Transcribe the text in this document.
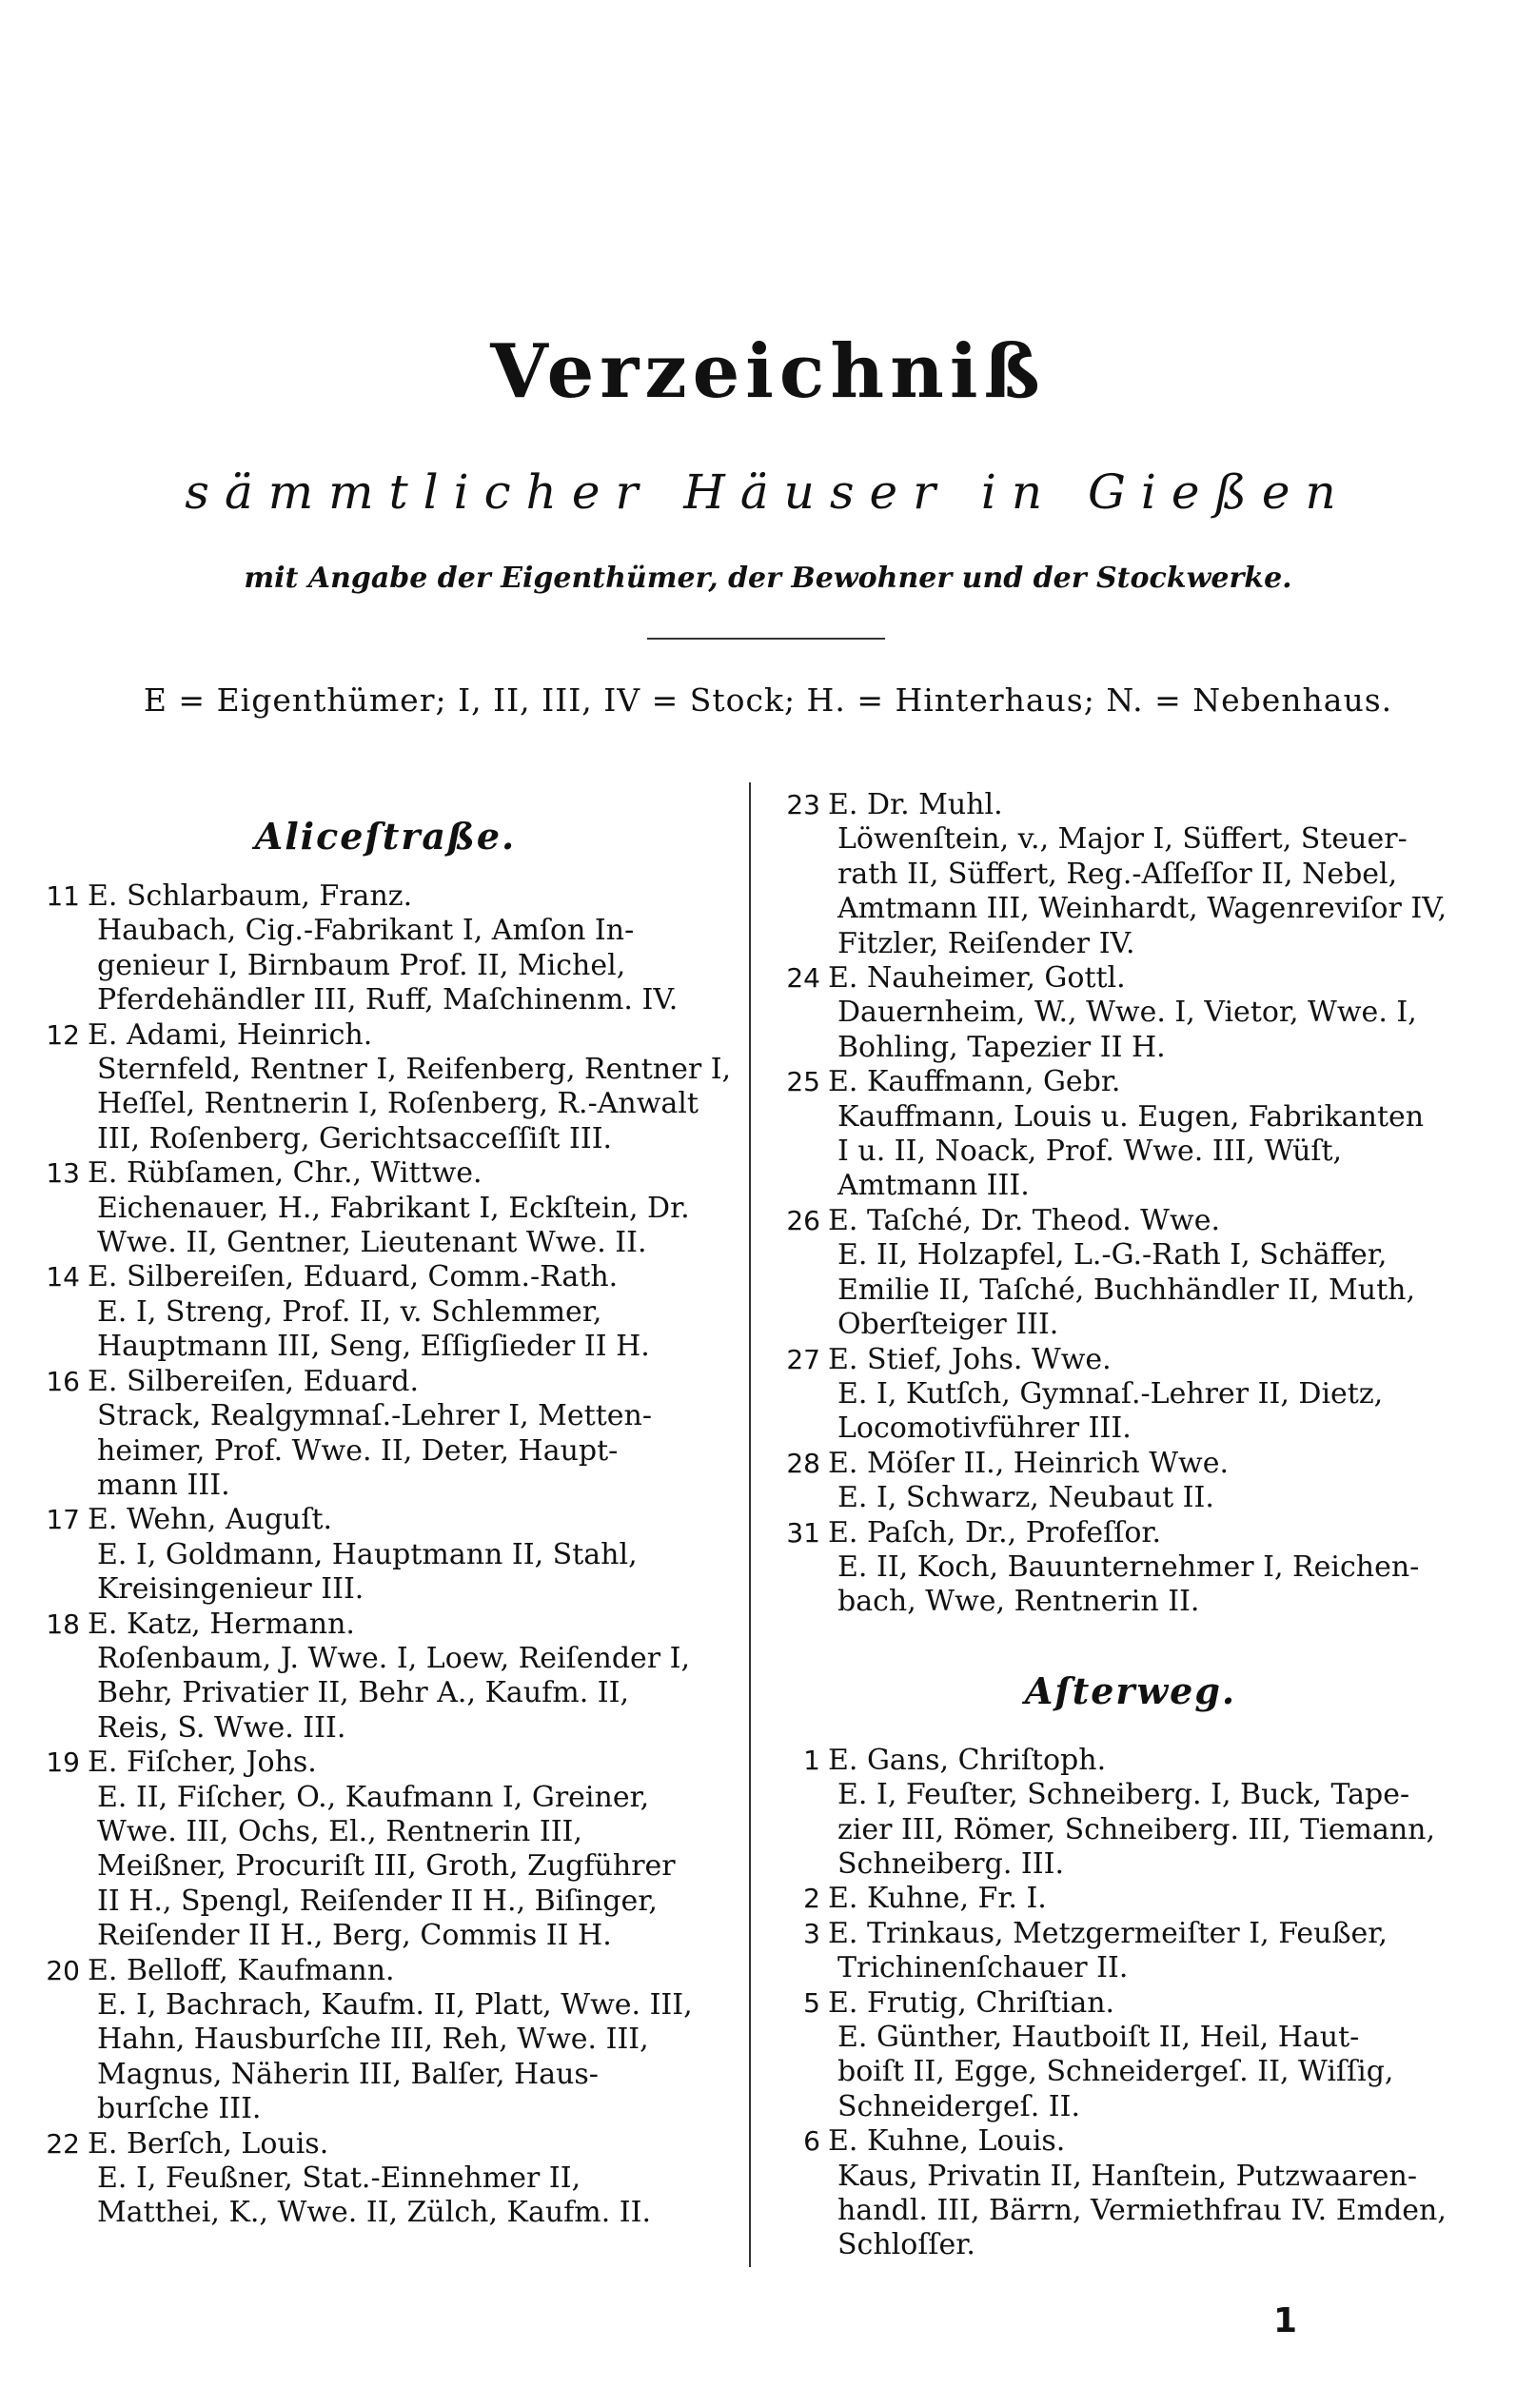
Verzeichniß
sämmtlicher Häuser in Gießen
mit Angabe der Eigenthümer, der Bewohner und der Stockwerke.
E = Eigenthümer; I, II, III, IV = Stock; H. = Hinterhaus; N. = Nebenhaus.
Aliceſtraße.
11 E. Schlarbaum, Franz.
Haubach, Cig.-Fabrikant I, Amſon In-
genieur I, Birnbaum Prof. II, Michel,
Pferdehändler III, Ruff, Maſchinenm. IV.
12 E. Adami, Heinrich.
Sternfeld, Rentner I, Reifenberg, Rentner I,
Heſſel, Rentnerin I, Roſenberg, R.-Anwalt
III, Roſenberg, Gerichtsacceſſiſt III.
13 E. Rübſamen, Chr., Wittwe.
Eichenauer, H., Fabrikant I, Eckſtein, Dr.
Wwe. II, Gentner, Lieutenant Wwe. II.
14 E. Silbereiſen, Eduard, Comm.-Rath.
E. I, Streng, Prof. II, v. Schlemmer,
Hauptmann III, Seng, Eſſigſieder II H.
16 E. Silbereiſen, Eduard.
Strack, Realgymnaſ.-Lehrer I, Metten-
heimer, Prof. Wwe. II, Deter, Haupt-
mann III.
17 E. Wehn, Auguſt.
E. I, Goldmann, Hauptmann II, Stahl,
Kreisingenieur III.
18 E. Katz, Hermann.
Roſenbaum, J. Wwe. I, Loew, Reiſender I,
Behr, Privatier II, Behr A., Kaufm. II,
Reis, S. Wwe. III.
19 E. Fiſcher, Johs.
E. II, Fiſcher, O., Kaufmann I, Greiner,
Wwe. III, Ochs, El., Rentnerin III,
Meißner, Procuriſt III, Groth, Zugführer
II H., Spengl, Reiſender II H., Biſinger,
Reiſender II H., Berg, Commis II H.
20 E. Belloff, Kaufmann.
E. I, Bachrach, Kaufm. II, Platt, Wwe. III,
Hahn, Hausburſche III, Reh, Wwe. III,
Magnus, Näherin III, Balſer, Haus-
burſche III.
22 E. Berſch, Louis.
E. I, Feußner, Stat.-Einnehmer II,
Matthei, K., Wwe. II, Zülch, Kaufm. II.
23 E. Dr. Muhl.
Löwenſtein, v., Major I, Süffert, Steuer-
rath II, Süffert, Reg.-Aſſeſſor II, Nebel,
Amtmann III, Weinhardt, Wagenreviſor IV,
Fitzler, Reiſender IV.
24 E. Nauheimer, Gottl.
Dauernheim, W., Wwe. I, Vietor, Wwe. I,
Bohling, Tapezier II H.
25 E. Kauffmann, Gebr.
Kauffmann, Louis u. Eugen, Fabrikanten
I u. II, Noack, Prof. Wwe. III, Wüſt,
Amtmann III.
26 E. Taſché, Dr. Theod. Wwe.
E. II, Holzapfel, L.-G.-Rath I, Schäffer,
Emilie II, Taſché, Buchhändler II, Muth,
Oberſteiger III.
27 E. Stief, Johs. Wwe.
E. I, Kutſch, Gymnaſ.-Lehrer II, Dietz,
Locomotivführer III.
28 E. Möſer II., Heinrich Wwe.
E. I, Schwarz, Neubaut II.
31 E. Paſch, Dr., Profeſſor.
E. II, Koch, Bauunternehmer I, Reichen-
bach, Wwe, Rentnerin II.
Aſterweg.
1 E. Gans, Chriſtoph.
E. I, Feuſter, Schneiberg. I, Buck, Tape-
zier III, Römer, Schneiberg. III, Tiemann,
Schneiberg. III.
2 E. Kuhne, Fr. I.
3 E. Trinkaus, Metzgermeiſter I, Feußer,
Trichinenſchauer II.
5 E. Frutig, Chriſtian.
E. Günther, Hautboiſt II, Heil, Haut-
boiſt II, Egge, Schneidergeſ. II, Wiſſig,
Schneidergeſ. II.
6 E. Kuhne, Louis.
Kaus, Privatin II, Hanſtein, Putzwaaren-
handl. III, Bärrn, Vermiethfrau IV. Emden,
Schloſſer.
1
